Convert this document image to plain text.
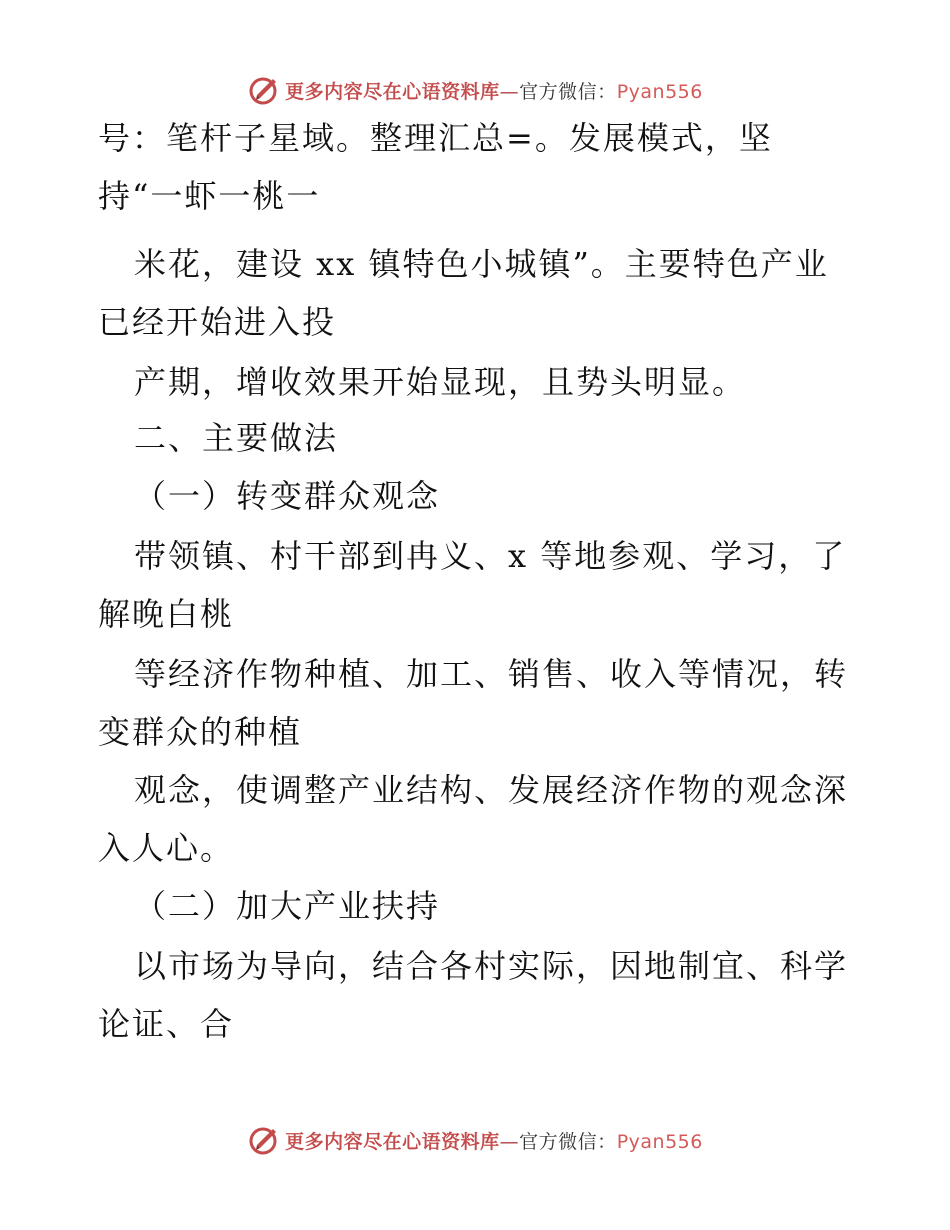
更多内容尽在心语资料库—官方微信：Pyan556
号：笔杆子星域。整理汇总=。发展模式，坚
持“一虾一桃一
米花，建设 xx 镇特色小城镇”。主要特色产业
已经开始进入投
产期，增收效果开始显现，且势头明显。
二、主要做法
（一）转变群众观念
带领镇、村干部到冉义、x 等地参观、学习，了
解晚白桃
等经济作物种植、加工、销售、收入等情况，转
变群众的种植
观念，使调整产业结构、发展经济作物的观念深
入人心。
（二）加大产业扶持
以市场为导向，结合各村实际，因地制宜、科学
论证、合
更多内容尽在心语资料库—官方微信：Pyan556
